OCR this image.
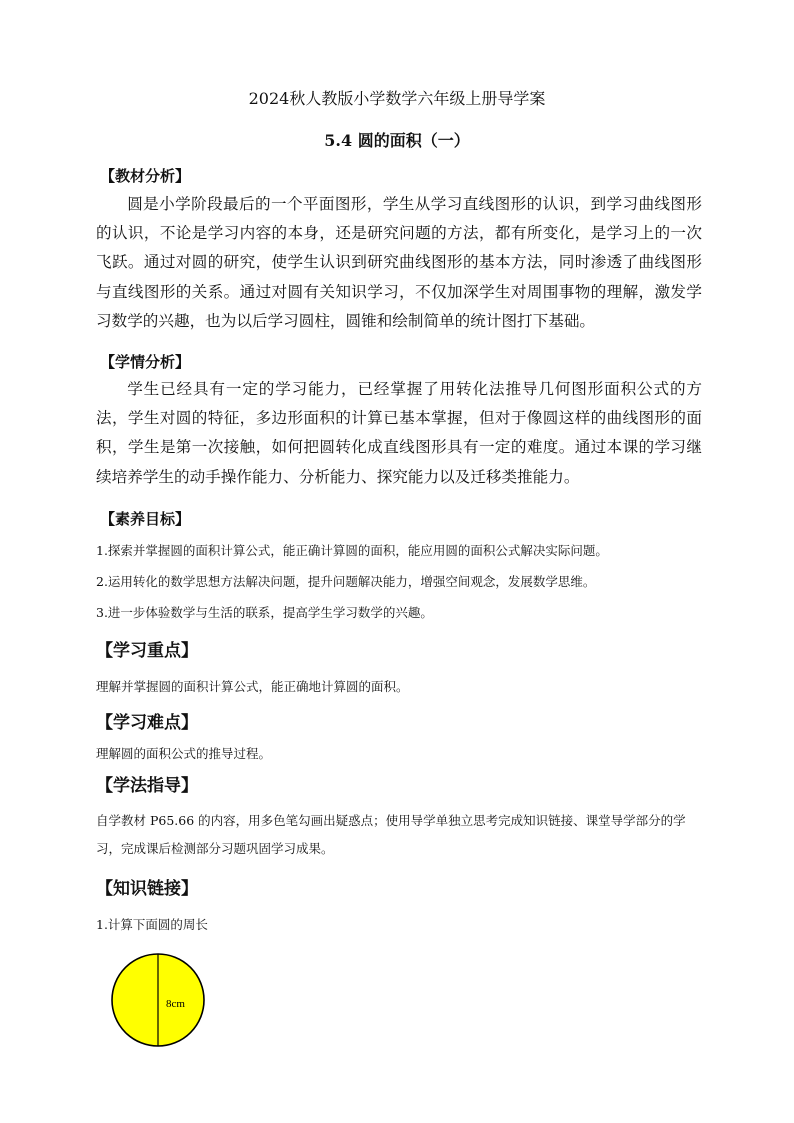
2024秋人教版小学数学六年级上册导学案
5.4 圆的面积（一）
【教材分析】
圆是小学阶段最后的一个平面图形，学生从学习直线图形的认识，到学习曲线图形的认识，不论是学习内容的本身，还是研究问题的方法，都有所变化，是学习上的一次飞跃。通过对圆的研究，使学生认识到研究曲线图形的基本方法，同时渗透了曲线图形与直线图形的关系。通过对圆有关知识学习，不仅加深学生对周围事物的理解，激发学习数学的兴趣，也为以后学习圆柱，圆锥和绘制简单的统计图打下基础。
【学情分析】
学生已经具有一定的学习能力，已经掌握了用转化法推导几何图形面积公式的方法，学生对圆的特征，多边形面积的计算已基本掌握，但对于像圆这样的曲线图形的面积，学生是第一次接触，如何把圆转化成直线图形具有一定的难度。通过本课的学习继续培养学生的动手操作能力、分析能力、探究能力以及迁移类推能力。
【素养目标】
1.探索并掌握圆的面积计算公式，能正确计算圆的面积，能应用圆的面积公式解决实际问题。
2.运用转化的数学思想方法解决问题，提升问题解决能力，增强空间观念，发展数学思维。
3.进一步体验数学与生活的联系，提高学生学习数学的兴趣。
【学习重点】
理解并掌握圆的面积计算公式，能正确地计算圆的面积。
【学习难点】
理解圆的面积公式的推导过程。
【学法指导】
自学教材 P65.66 的内容，用多色笔勾画出疑惑点；使用导学单独立思考完成知识链接、课堂导学部分的学习，完成课后检测部分习题巩固学习成果。
【知识链接】
1.计算下面圆的周长
8cm
